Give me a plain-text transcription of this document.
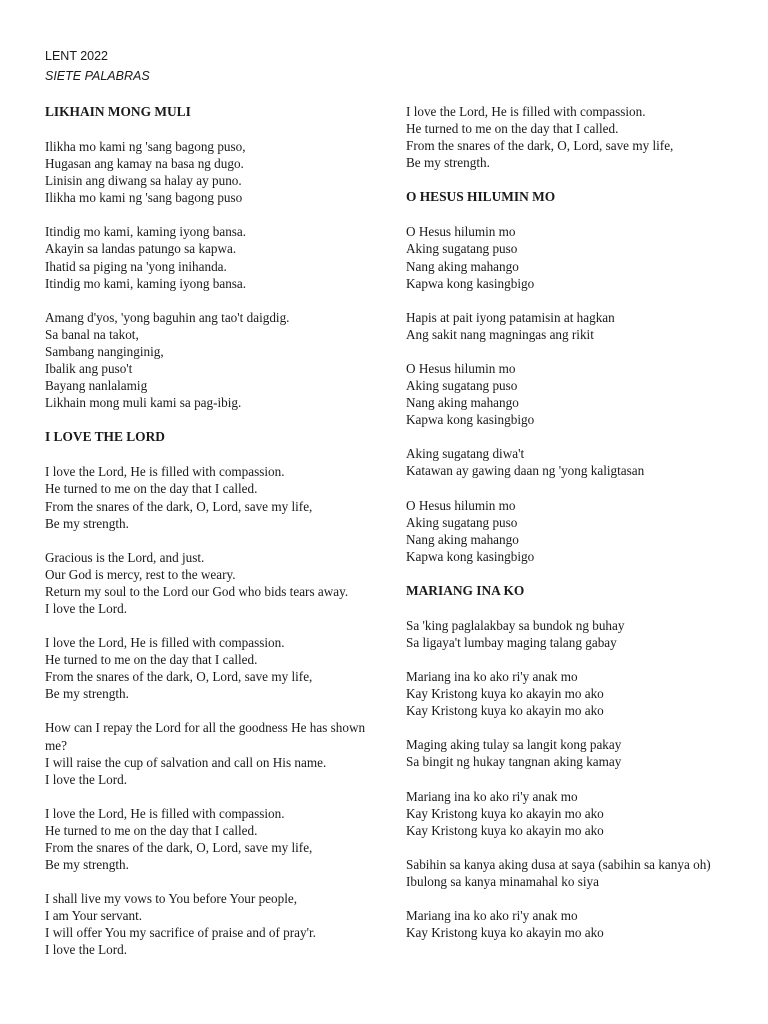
LENT 2022
SIETE PALABRAS
LIKHAIN MONG MULI
Ilikha mo kami ng 'sang bagong puso,
Hugasan ang kamay na basa ng dugo.
Linisin ang diwang sa halay ay puno.
Ilikha mo kami ng 'sang bagong puso
Itindig mo kami, kaming iyong bansa.
Akayin sa landas patungo sa kapwa.
Ihatid sa piging na 'yong inihanda.
Itindig mo kami, kaming iyong bansa.
Amang d'yos, 'yong baguhin ang tao't daigdig.
Sa banal na takot,
Sambang nanginginig,
Ibalik ang puso't
Bayang nanlalamig
Likhain mong muli kami sa pag-ibig.
I LOVE THE LORD
I love the Lord, He is filled with compassion.
He turned to me on the day that I called.
From the snares of the dark, O, Lord, save my life,
Be my strength.
Gracious is the Lord, and just.
Our God is mercy, rest to the weary.
Return my soul to the Lord our God who bids tears away.
I love the Lord.
I love the Lord, He is filled with compassion.
He turned to me on the day that I called.
From the snares of the dark, O, Lord, save my life,
Be my strength.
How can I repay the Lord for all the goodness He has shown me?
I will raise the cup of salvation and call on His name.
I love the Lord.
I love the Lord, He is filled with compassion.
He turned to me on the day that I called.
From the snares of the dark, O, Lord, save my life,
Be my strength.
I shall live my vows to You before Your people,
I am Your servant.
I will offer You my sacrifice of praise and of pray'r.
I love the Lord.
I love the Lord, He is filled with compassion.
He turned to me on the day that I called.
From the snares of the dark, O, Lord, save my life,
Be my strength.
O HESUS HILUMIN MO
O Hesus hilumin mo
Aking sugatang puso
Nang aking mahango
Kapwa kong kasingbigo
Hapis at pait iyong patamisin at hagkan
Ang sakit nang magningas ang rikit
O Hesus hilumin mo
Aking sugatang puso
Nang aking mahango
Kapwa kong kasingbigo
Aking sugatang diwa't
Katawan ay gawing daan ng 'yong kaligtasan
O Hesus hilumin mo
Aking sugatang puso
Nang aking mahango
Kapwa kong kasingbigo
MARIANG INA KO
Sa 'king paglalakbay sa bundok ng buhay
Sa ligaya't lumbay maging talang gabay
Mariang ina ko ako ri'y anak mo
Kay Kristong kuya ko akayin mo ako
Kay Kristong kuya ko akayin mo ako
Maging aking tulay sa langit kong pakay
Sa bingit ng hukay tangnan aking kamay
Mariang ina ko ako ri'y anak mo
Kay Kristong kuya ko akayin mo ako
Kay Kristong kuya ko akayin mo ako
Sabihin sa kanya aking dusa at saya (sabihin sa kanya oh)
Ibulong sa kanya minamahal ko siya
Mariang ina ko ako ri'y anak mo
Kay Kristong kuya ko akayin mo ako
